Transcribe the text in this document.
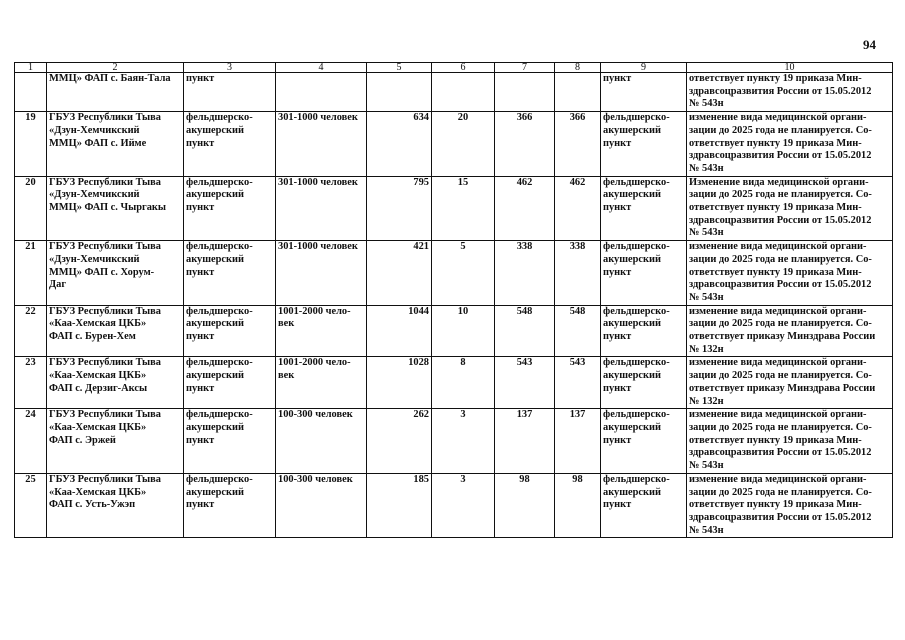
94
1	2	3	4	5	6	7	8	9	10

	ММЦ» ФАП с. Баян-Тала	пункт						пункт	ответствует пункту 19 приказа Мин-
здравсоцразвития России от 15.05.2012
№ 543н

19	ГБУЗ Республики Тыва
«Дзун-Хемчикский
ММЦ» ФАП с. Ийме	фельдшерско-
акушерский
пункт	301-1000 человек	634	20	366	366	фельдшерско-
акушерский
пункт	изменение вида медицинской органи-
зации до 2025 года не планируется. Со-
ответствует пункту 19 приказа Мин-
здравсоцразвития России от 15.05.2012
№ 543н

20	ГБУЗ Республики Тыва
«Дзун-Хемчикский
ММЦ» ФАП с. Чыргакы	фельдшерско-
акушерский
пункт	301-1000 человек	795	15	462	462	фельдшерско-
акушерский
пункт	Изменение вида медицинской органи-
зации до 2025 года не планируется. Со-
ответствует пункту 19 приказа Мин-
здравсоцразвития России от 15.05.2012
№ 543н

21	ГБУЗ Республики Тыва
«Дзун-Хемчикский
ММЦ» ФАП с. Хорум-
Даг	фельдшерско-
акушерский
пункт	301-1000 человек	421	5	338	338	фельдшерско-
акушерский
пункт	изменение вида медицинской органи-
зации до 2025 года не планируется. Со-
ответствует пункту 19 приказа Мин-
здравсоцразвития России от 15.05.2012
№ 543н

22	ГБУЗ Республики Тыва
«Каа-Хемская ЦКБ»
ФАП с. Бурен-Хем	фельдшерско-
акушерский
пункт	1001-2000 чело-
век	1044	10	548	548	фельдшерско-
акушерский
пункт	изменение вида медицинской органи-
зации до 2025 года не планируется. Со-
ответствует приказу Минздрава России
№ 132н

23	ГБУЗ Республики Тыва
«Каа-Хемская ЦКБ»
ФАП с. Дерзиг-Аксы	фельдшерско-
акушерский
пункт	1001-2000 чело-
век	1028	8	543	543	фельдшерско-
акушерский
пункт	изменение вида медицинской органи-
зации до 2025 года не планируется. Со-
ответствует приказу Минздрава России
№ 132н

24	ГБУЗ Республики Тыва
«Каа-Хемская ЦКБ»
ФАП с. Эржей	фельдшерско-
акушерский
пункт	100-300 человек	262	3	137	137	фельдшерско-
акушерский
пункт	изменение вида медицинской органи-
зации до 2025 года не планируется. Со-
ответствует пункту 19 приказа Мин-
здравсоцразвития России от 15.05.2012
№ 543н

25	ГБУЗ Республики Тыва
«Каа-Хемская ЦКБ»
ФАП с. Усть-Ужэп	фельдшерско-
акушерский
пункт	100-300 человек	185	3	98	98	фельдшерско-
акушерский
пункт	изменение вида медицинской органи-
зации до 2025 года не планируется. Со-
ответствует пункту 19 приказа Мин-
здравсоцразвития России от 15.05.2012
№ 543н
